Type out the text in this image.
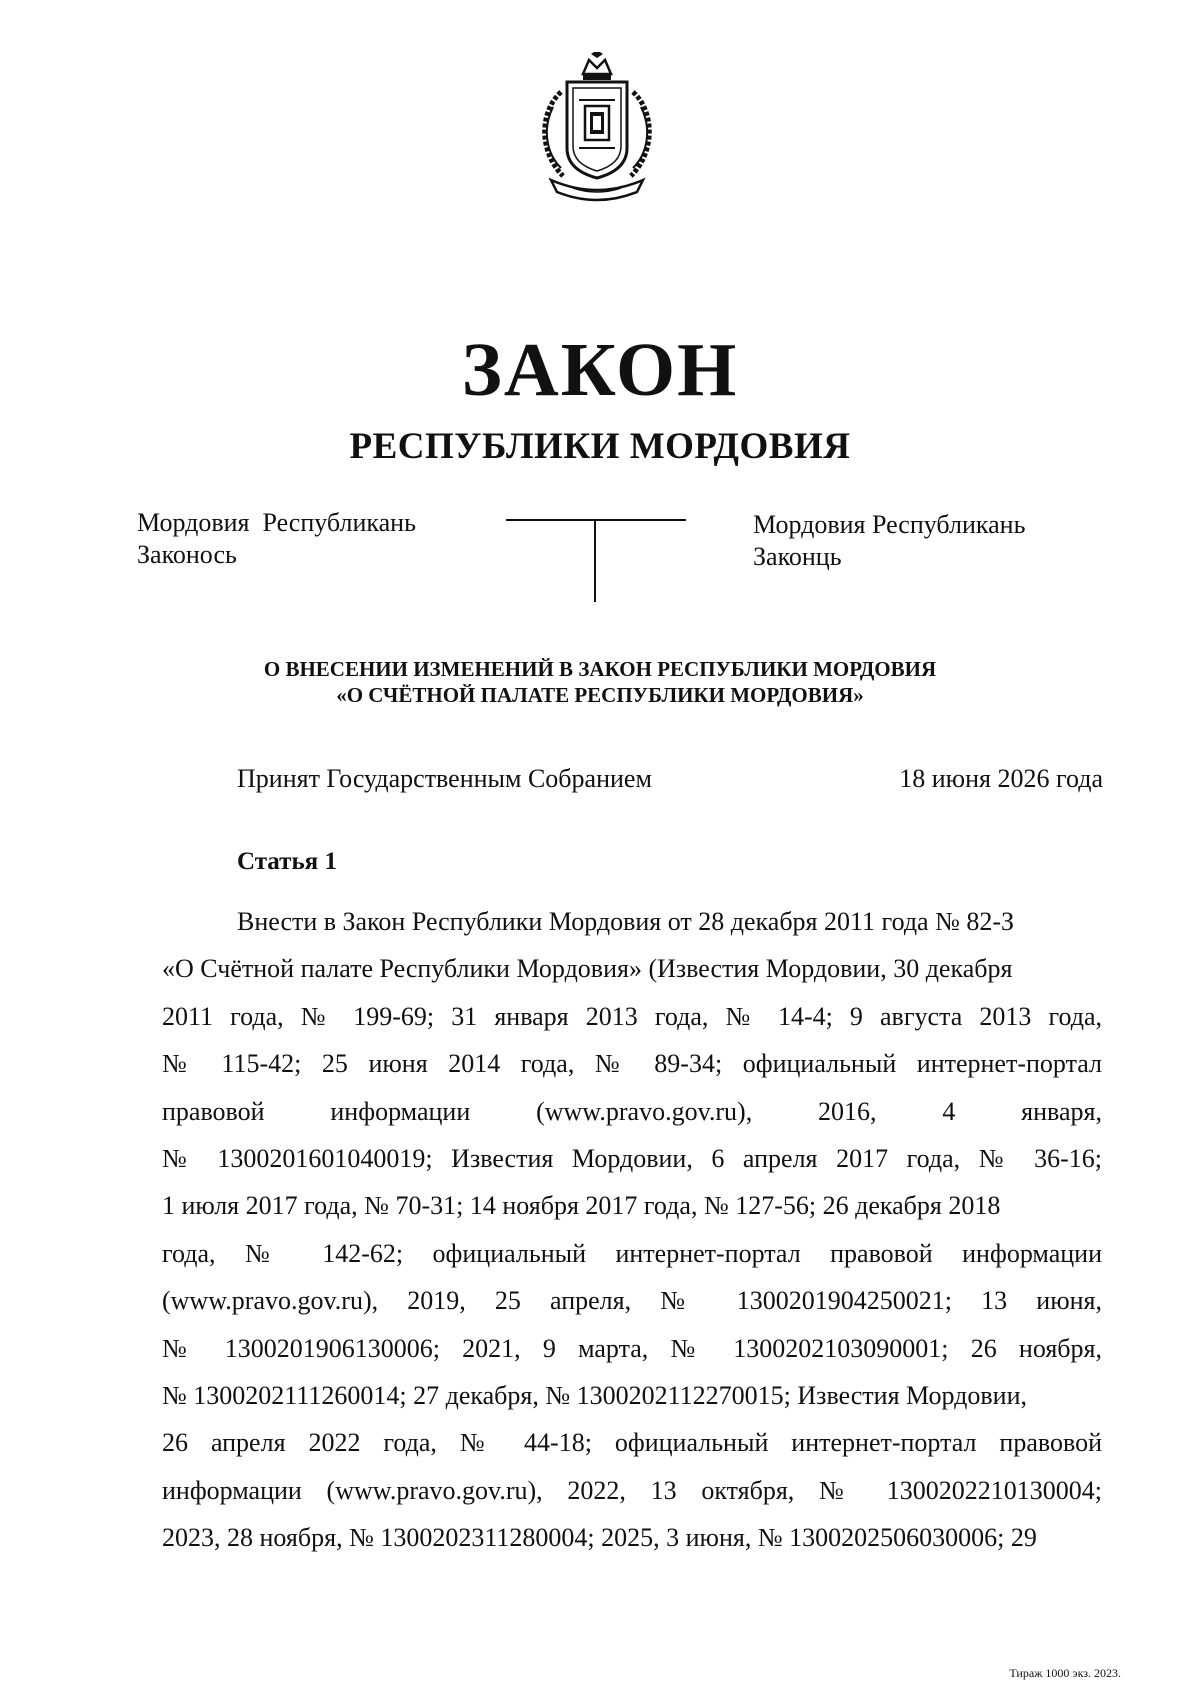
ЗАКОН
РЕСПУБЛИКИ МОРДОВИЯ
Мордовия  Республикань
Законось
Мордовия Республикань
Законць
О ВНЕСЕНИИ ИЗМЕНЕНИЙ В ЗАКОН РЕСПУБЛИКИ МОРДОВИЯ
«О СЧЁТНОЙ ПАЛАТЕ РЕСПУБЛИКИ МОРДОВИЯ»
Принят Государственным Собранием	18 июня 2026 года
Статья 1
Внести в Закон Республики Мордовия от 28 декабря 2011 года № 82-З
«О Счётной палате Республики Мордовия» (Известия Мордовии, 30 декабря
2011 года, № 199-69; 31 января 2013 года, № 14-4; 9 августа 2013 года,
№ 115-42; 25 июня 2014 года, № 89-34; официальный интернет-портал
правовой информации (www.pravo.gov.ru), 2016, 4 января,
№ 1300201601040019; Известия Мордовии, 6 апреля 2017 года, № 36-16;
1 июля 2017 года, № 70-31; 14 ноября 2017 года, № 127-56; 26 декабря 2018
года, № 142-62; официальный интернет-портал правовой информации
(www.pravo.gov.ru), 2019, 25 апреля, № 1300201904250021; 13 июня,
№ 1300201906130006; 2021, 9 марта, № 1300202103090001; 26 ноября,
№ 1300202111260014; 27 декабря, № 1300202112270015; Известия Мордовии,
26 апреля 2022 года, № 44-18; официальный интернет-портал правовой
информации (www.pravo.gov.ru), 2022, 13 октября, № 1300202210130004;
2023, 28 ноября, № 1300202311280004; 2025, 3 июня, № 1300202506030006; 29
Тираж 1000 экз. 2023.
